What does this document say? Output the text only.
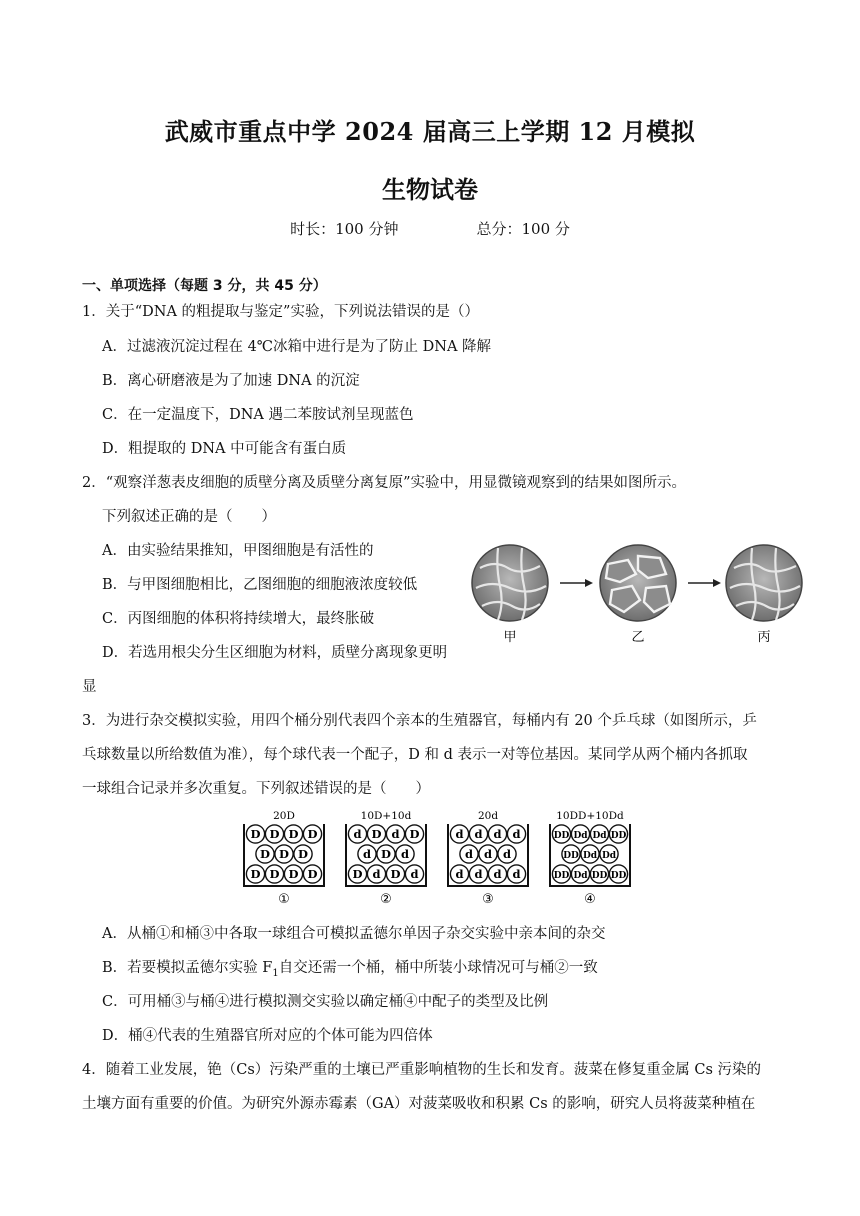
武威市重点中学 2024 届高三上学期 12 月模拟
生物试卷
时长：100 分钟	总分：100 分
一、单项选择（每题 3 分，共 45 分）
1．关于“DNA 的粗提取与鉴定”实验，下列说法错误的是（）
A．过滤液沉淀过程在 4℃冰箱中进行是为了防止 DNA 降解
B．离心研磨液是为了加速 DNA 的沉淀
C．在一定温度下，DNA 遇二苯胺试剂呈现蓝色
D．粗提取的 DNA 中可能含有蛋白质
2．“观察洋葱表皮细胞的质壁分离及质壁分离复原”实验中，用显微镜观察到的结果如图所示。
下列叙述正确的是（　　）
A．由实验结果推知，甲图细胞是有活性的
B．与甲图细胞相比，乙图细胞的细胞液浓度较低
C．丙图细胞的体积将持续增大，最终胀破
D．若选用根尖分生区细胞为材料，质壁分离现象更明
显
甲	乙	丙
3．为进行杂交模拟实验，用四个桶分别代表四个亲本的生殖器官，每桶内有 20 个乒乓球（如图所示，乒
乓球数量以所给数值为准），每个球代表一个配子，D 和 d 表示一对等位基因。某同学从两个桶内各抓取
一球组合记录并多次重复。下列叙述错误的是（　　）
20D
D D D D
D D D
D D D D
①
10D+10d
d D d D
d D d
D d D d
②
20d
d d d d
d d d
d d d d
③
10DD+10Dd
DD Dd Dd DD
DD Dd Dd
DD Dd DD DD
④
A．从桶①和桶③中各取一球组合可模拟孟德尔单因子杂交实验中亲本间的杂交
B．若要模拟孟德尔实验 $F_1$自交还需一个桶，桶中所装小球情况可与桶②一致
C．可用桶③与桶④进行模拟测交实验以确定桶④中配子的类型及比例
D．桶④代表的生殖器官所对应的个体可能为四倍体
4．随着工业发展，铯（Cs）污染严重的土壤已严重影响植物的生长和发育。菠菜在修复重金属 Cs 污染的
土壤方面有重要的价值。为研究外源赤霉素（GA）对菠菜吸收和积累 Cs 的影响，研究人员将菠菜种植在
